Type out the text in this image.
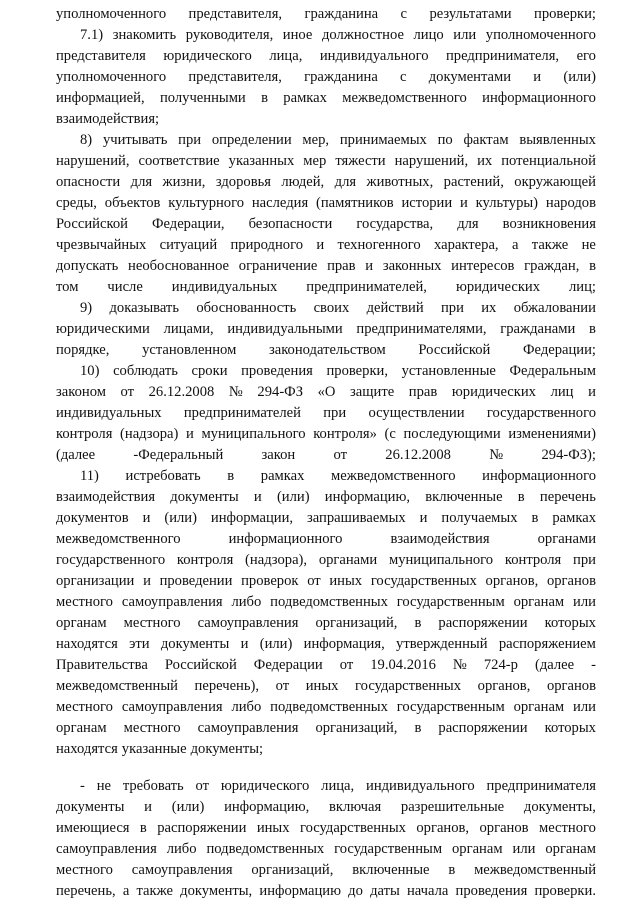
уполномоченного представителя, гражданина с результатами проверки;
7.1) знакомить руководителя, иное должностное лицо или уполномоченного
представителя юридического лица, индивидуального предпринимателя, его
уполномоченного представителя, гражданина с документами и (или)
информацией, полученными в рамках межведомственного информационного
взаимодействия;
8) учитывать при определении мер, принимаемых по фактам выявленных
нарушений, соответствие указанных мер тяжести нарушений, их потенциальной
опасности для жизни, здоровья людей, для животных, растений, окружающей
среды, объектов культурного наследия (памятников истории и культуры) народов
Российской Федерации, безопасности государства, для возникновения
чрезвычайных ситуаций природного и техногенного характера, а также не
допускать необоснованное ограничение прав и законных интересов граждан, в
том числе индивидуальных предпринимателей, юридических лиц;
9) доказывать обоснованность своих действий при их обжаловании
юридическими лицами, индивидуальными предпринимателями, гражданами в
порядке, установленном законодательством Российской Федерации;
10) соблюдать сроки проведения проверки, установленные Федеральным
законом от 26.12.2008 № 294-ФЗ «О защите прав юридических лиц и
индивидуальных предпринимателей при осуществлении государственного
контроля (надзора) и муниципального контроля» (с последующими изменениями)
(далее	-Федеральный	закон	от	26.12.2008	№	294-ФЗ);
11) истребовать в рамках межведомственного информационного
взаимодействия документы и (или) информацию, включенные в перечень
документов и (или) информации, запрашиваемых и получаемых в рамках
межведомственного	информационного	взаимодействия	органами
государственного контроля (надзора), органами муниципального контроля при
организации и проведении проверок от иных государственных органов, органов
местного самоуправления либо подведомственных государственным органам или
органам местного самоуправления организаций, в распоряжении которых
находятся эти документы и (или) информация, утвержденный распоряжением
Правительства Российской Федерации от 19.04.2016 № 724-р (далее -
межведомственный перечень), от иных государственных органов, органов
местного самоуправления либо подведомственных государственным органам или
органам местного самоуправления организаций, в распоряжении которых
находятся указанные документы;
- не требовать от юридического лица, индивидуального предпринимателя
документы и (или) информацию, включая разрешительные документы,
имеющиеся в распоряжении иных государственных органов, органов местного
самоуправления либо подведомственных государственным органам или органам
местного самоуправления организаций, включенные в межведомственный
перечень, а также документы, информацию до даты начала проведения проверки.
